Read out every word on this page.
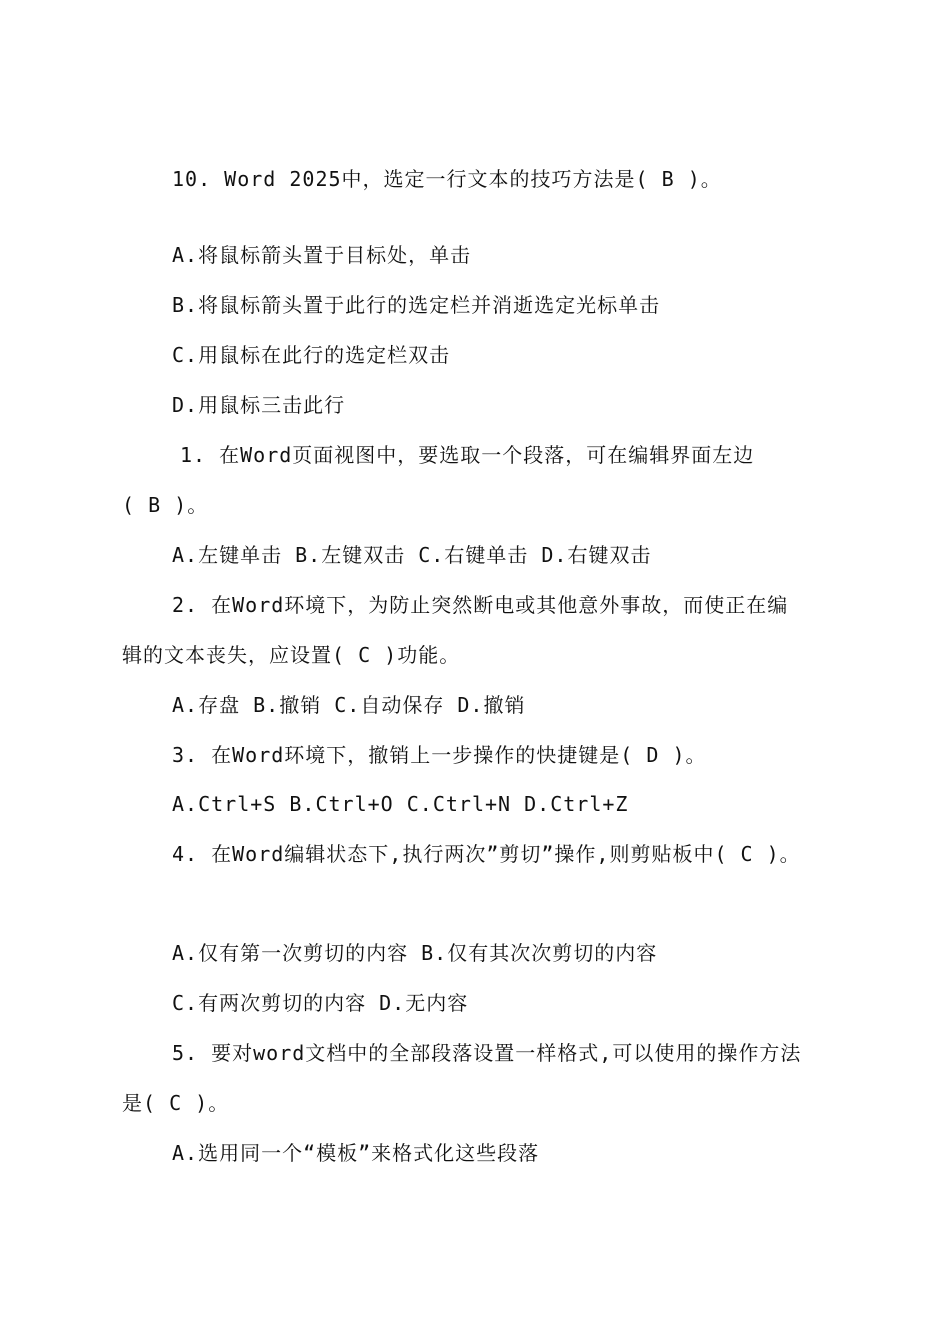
10. Word 2025中，选定一行文本的技巧方法是( B )。
A.将鼠标箭头置于目标处，单击
B.将鼠标箭头置于此行的选定栏并消逝选定光标单击
C.用鼠标在此行的选定栏双击
D.用鼠标三击此行
1. 在Word页面视图中，要选取一个段落，可在编辑界面左边
( B )。
A.左键单击 B.左键双击 C.右键单击 D.右键双击
2. 在Word环境下，为防止突然断电或其他意外事故，而使正在编
辑的文本丧失，应设置( C )功能。
A.存盘 B.撤销 C.自动保存 D.撤销
3. 在Word环境下，撤销上一步操作的快捷键是( D )。
A.Ctrl+S B.Ctrl+O C.Ctrl+N D.Ctrl+Z
4. 在Word编辑状态下,执行两次”剪切”操作,则剪贴板中( C )。
A.仅有第一次剪切的内容 B.仅有其次次剪切的内容
C.有两次剪切的内容 D.无内容
5. 要对word文档中的全部段落设置一样格式,可以使用的操作方法
是( C )。
A.选用同一个“模板”来格式化这些段落
